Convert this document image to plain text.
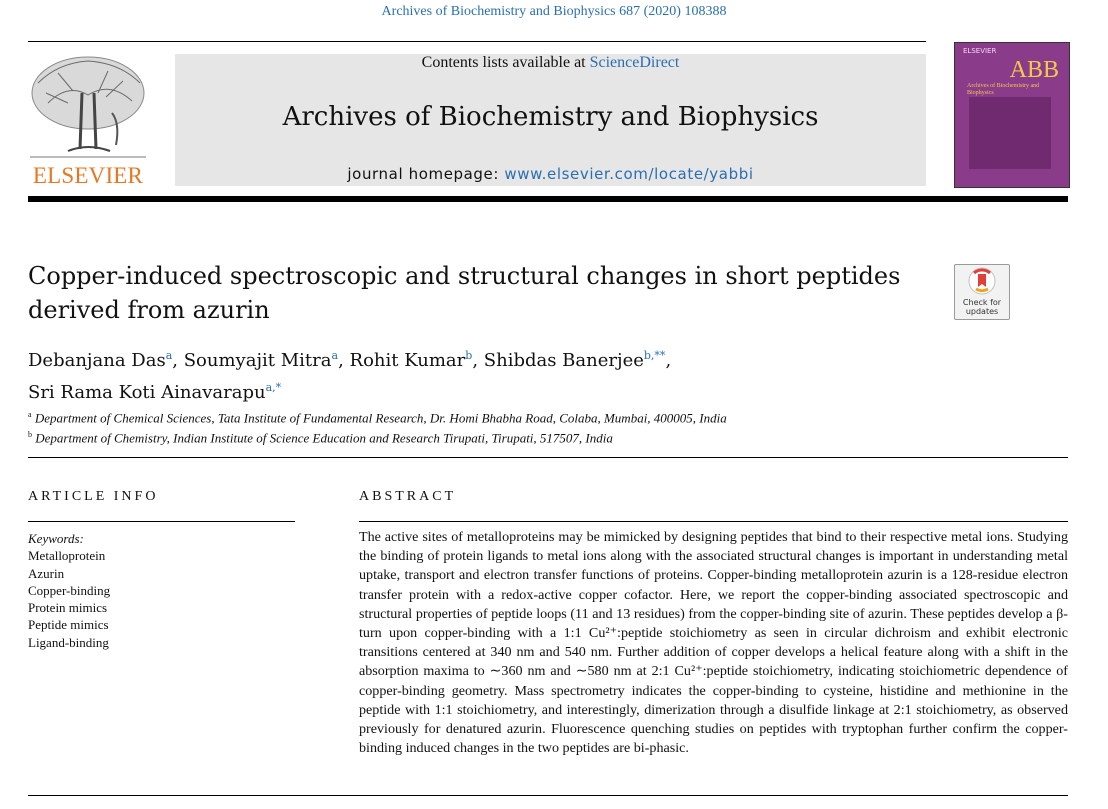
Archives of Biochemistry and Biophysics 687 (2020) 108388
ELSEVIER
Contents lists available at ScienceDirect
Archives of Biochemistry and Biophysics
journal homepage: www.elsevier.com/locate/yabbi
ELSEVIER
ABB
Archives of Biochemistry and Biophysics
Copper-induced spectroscopic and structural changes in short peptides derived from azurin	Check for
updates
Debanjana Das$^a$, Soumyajit Mitra$^a$, Rohit Kumar$^b$, Shibdas Banerjee$^{b,**}$,
Sri Rama Koti Ainavarapu$^{a,*}$
$^a$ Department of Chemical Sciences, Tata Institute of Fundamental Research, Dr. Homi Bhabha Road, Colaba, Mumbai, 400005, India
$^b$ Department of Chemistry, Indian Institute of Science Education and Research Tirupati, Tirupati, 517507, India
ARTICLE INFO
Keywords:
Metalloprotein
Azurin
Copper-binding
Protein mimics
Peptide mimics
Ligand-binding
ABSTRACT
The active sites of metalloproteins may be mimicked by designing peptides that bind to their respective metal ions. Studying the binding of protein ligands to metal ions along with the associated structural changes is important in understanding metal uptake, transport and electron transfer functions of proteins. Copper-binding metalloprotein azurin is a 128-residue electron transfer protein with a redox-active copper cofactor. Here, we report the copper-binding associated spectroscopic and structural properties of peptide loops (11 and 13 residues) from the copper-binding site of azurin. These peptides develop a β-turn upon copper-binding with a 1:1 Cu²⁺:peptide stoichiometry as seen in circular dichroism and exhibit electronic transitions centered at 340 nm and 540 nm. Further addition of copper develops a helical feature along with a shift in the absorption maxima to ∼360 nm and ∼580 nm at 2:1 Cu²⁺:peptide stoichiometry, indicating stoichiometric dependence of copper-binding geometry. Mass spectrometry indicates the copper-binding to cysteine, histidine and methionine in the peptide with 1:1 stoichiometry, and interestingly, dimerization through a disulfide linkage at 2:1 stoichiometry, as observed previously for denatured azurin. Fluorescence quenching studies on peptides with tryptophan further confirm the copper-binding induced changes in the two peptides are bi-phasic.
